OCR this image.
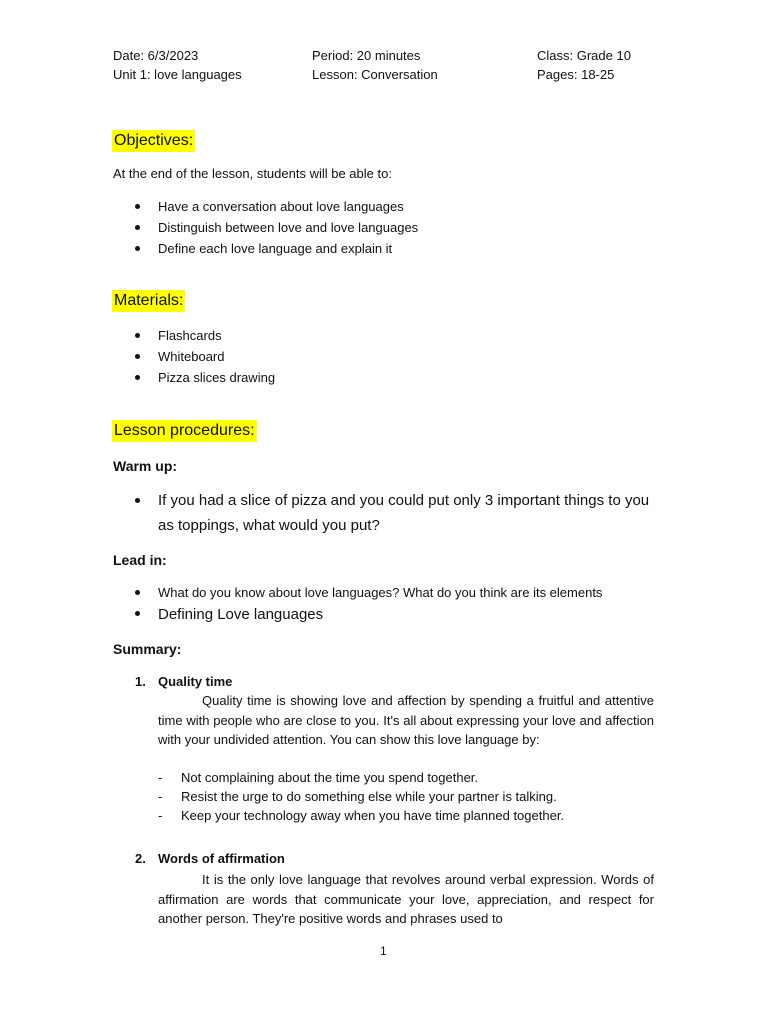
Date: 6/3/2023	Period: 20 minutes	Class: Grade 10
Unit 1: love languages	Lesson: Conversation	Pages: 18-25
Objectives:
At the end of the lesson, students will be able to:
Have a conversation about love languages
Distinguish between love and love languages
Define each love language and explain it
Materials:
Flashcards
Whiteboard
Pizza slices drawing
Lesson procedures:
Warm up:
If you had a slice of pizza and you could put only 3 important things to you as toppings, what would you put?
Lead in:
What do you know about love languages? What do you think are its elements
Defining Love languages
Summary:
1. Quality time

Quality time is showing love and affection by spending a fruitful and attentive time with people who are close to you. It's all about expressing your love and affection with your undivided attention. You can show this love language by:

- Not complaining about the time you spend together.
- Resist the urge to do something else while your partner is talking.
- Keep your technology away when you have time planned together.
2. Words of affirmation

It is the only love language that revolves around verbal expression. Words of affirmation are words that communicate your love, appreciation, and respect for another person. They're positive words and phrases used to

1
